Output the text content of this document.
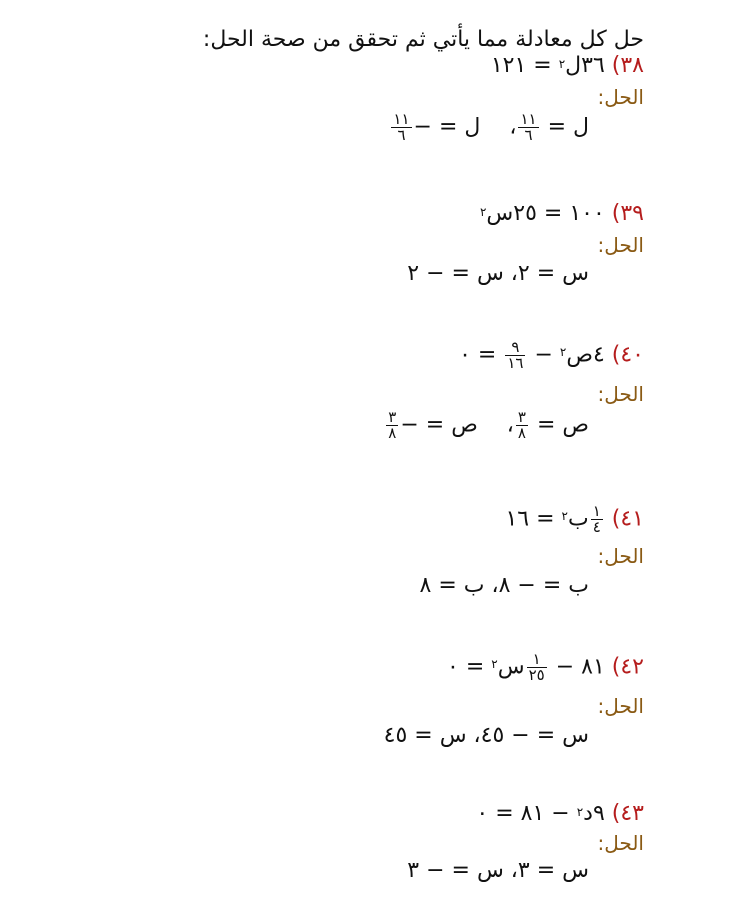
حل كل معادلة مما يأتي ثم تحقق من صحة الحل:
٣٨) ٣٦ل$^٢$ = ١٢١
الحل:
ل =
$\frac{١١}{٦}$
، ل = −
$\frac{١١}{٦}$
٣٩) ١٠٠ = ٢٥س$^٢$
الحل:
س = ٢، س = − ٢
٤٠) ٤ص$^٢$ −
$\frac{٩}{١٦}$
= ٠
الحل:
ص =
$\frac{٣}{٨}$
، ص = −
$\frac{٣}{٨}$
٤١)
$\frac{١}{٤}$
ب$^٢$ = ١٦
الحل:
ب = − ٨، ب = ٨
٤٢) ٨١ −
$\frac{١}{٢٥}$
س$^٢$ = ٠
الحل:
س = − ٤٥، س = ٤٥
٤٣) ٩د$^٢$ − ٨١ = ٠
الحل:
س = ٣، س = − ٣
